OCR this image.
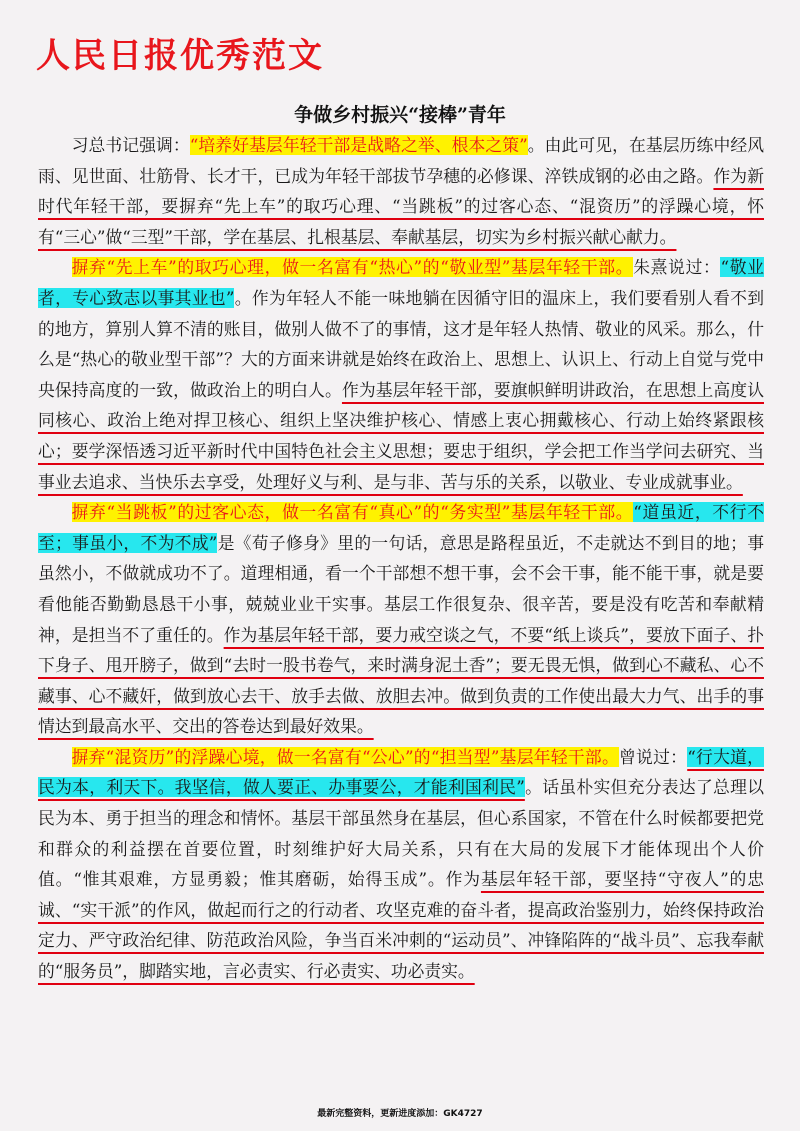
人民日报优秀范文
争做乡村振兴“接棒”青年

习总书记强调：“培养好基层年轻干部是战略之举、根本之策”。由此可见，在基层历练中经风雨、见世面、壮筋骨、长才干，已成为年轻干部拔节孕穗的必修课、淬铁成钢的必由之路。作为新时代年轻干部，要摒弃“先上车”的取巧心理、“当跳板”的过客心态、“混资历”的浮躁心境，怀有“三心”做“三型”干部，学在基层、扎根基层、奉献基层，切实为乡村振兴献心献力。

摒弃“先上车”的取巧心理，做一名富有“热心”的“敬业型”基层年轻干部。朱熹说过：“敬业者，专心致志以事其业也”。作为年轻人不能一味地躺在因循守旧的温床上，我们要看别人看不到的地方，算别人算不清的账目，做别人做不了的事情，这才是年轻人热情、敬业的风采。那么，什么是“热心的敬业型干部”？大的方面来讲就是始终在政治上、思想上、认识上、行动上自觉与党中央保持高度的一致，做政治上的明白人。作为基层年轻干部，要旗帜鲜明讲政治，在思想上高度认同核心、政治上绝对捍卫核心、组织上坚决维护核心、情感上衷心拥戴核心、行动上始终紧跟核心；要学深悟透习近平新时代中国特色社会主义思想；要忠于组织，学会把工作当学问去研究、当事业去追求、当快乐去享受，处理好义与利、是与非、苦与乐的关系，以敬业、专业成就事业。

摒弃“当跳板”的过客心态，做一名富有“真心”的“务实型”基层年轻干部。“道虽近，不行不至；事虽小，不为不成”是《荀子修身》里的一句话，意思是路程虽近，不走就达不到目的地；事虽然小，不做就成功不了。道理相通，看一个干部想不想干事，会不会干事，能不能干事，就是要看他能否勤勤恳恳干小事，兢兢业业干实事。基层工作很复杂、很辛苦，要是没有吃苦和奉献精神，是担当不了重任的。作为基层年轻干部，要力戒空谈之气，不要“纸上谈兵”，要放下面子、扑下身子、甩开膀子，做到“去时一股书卷气，来时满身泥土香”；要无畏无惧，做到心不藏私、心不藏事、心不藏奸，做到放心去干、放手去做、放胆去冲。做到负责的工作使出最大力气、出手的事情达到最高水平、交出的答卷达到最好效果。

摒弃“混资历”的浮躁心境，做一名富有“公心”的“担当型”基层年轻干部。曾说过：“行大道，民为本，利天下。我坚信，做人要正、办事要公，才能利国利民”。话虽朴实但充分表达了总理以民为本、勇于担当的理念和情怀。基层干部虽然身在基层，但心系国家，不管在什么时候都要把党和群众的利益摆在首要位置，时刻维护好大局关系，只有在大局的发展下才能体现出个人价值。“惟其艰难，方显勇毅；惟其磨砺，始得玉成”。作为基层年轻干部，要坚持“守夜人”的忠诚、“实干派”的作风，做起而行之的行动者、攻坚克难的奋斗者，提高政治鉴别力，始终保持政治定力、严守政治纪律、防范政治风险，争当百米冲刺的“运动员”、冲锋陷阵的“战斗员”、忘我奉献的“服务员”，脚踏实地，言必责实、行必责实、功必责实。

最新完整资料，更新进度添加：GK4727
